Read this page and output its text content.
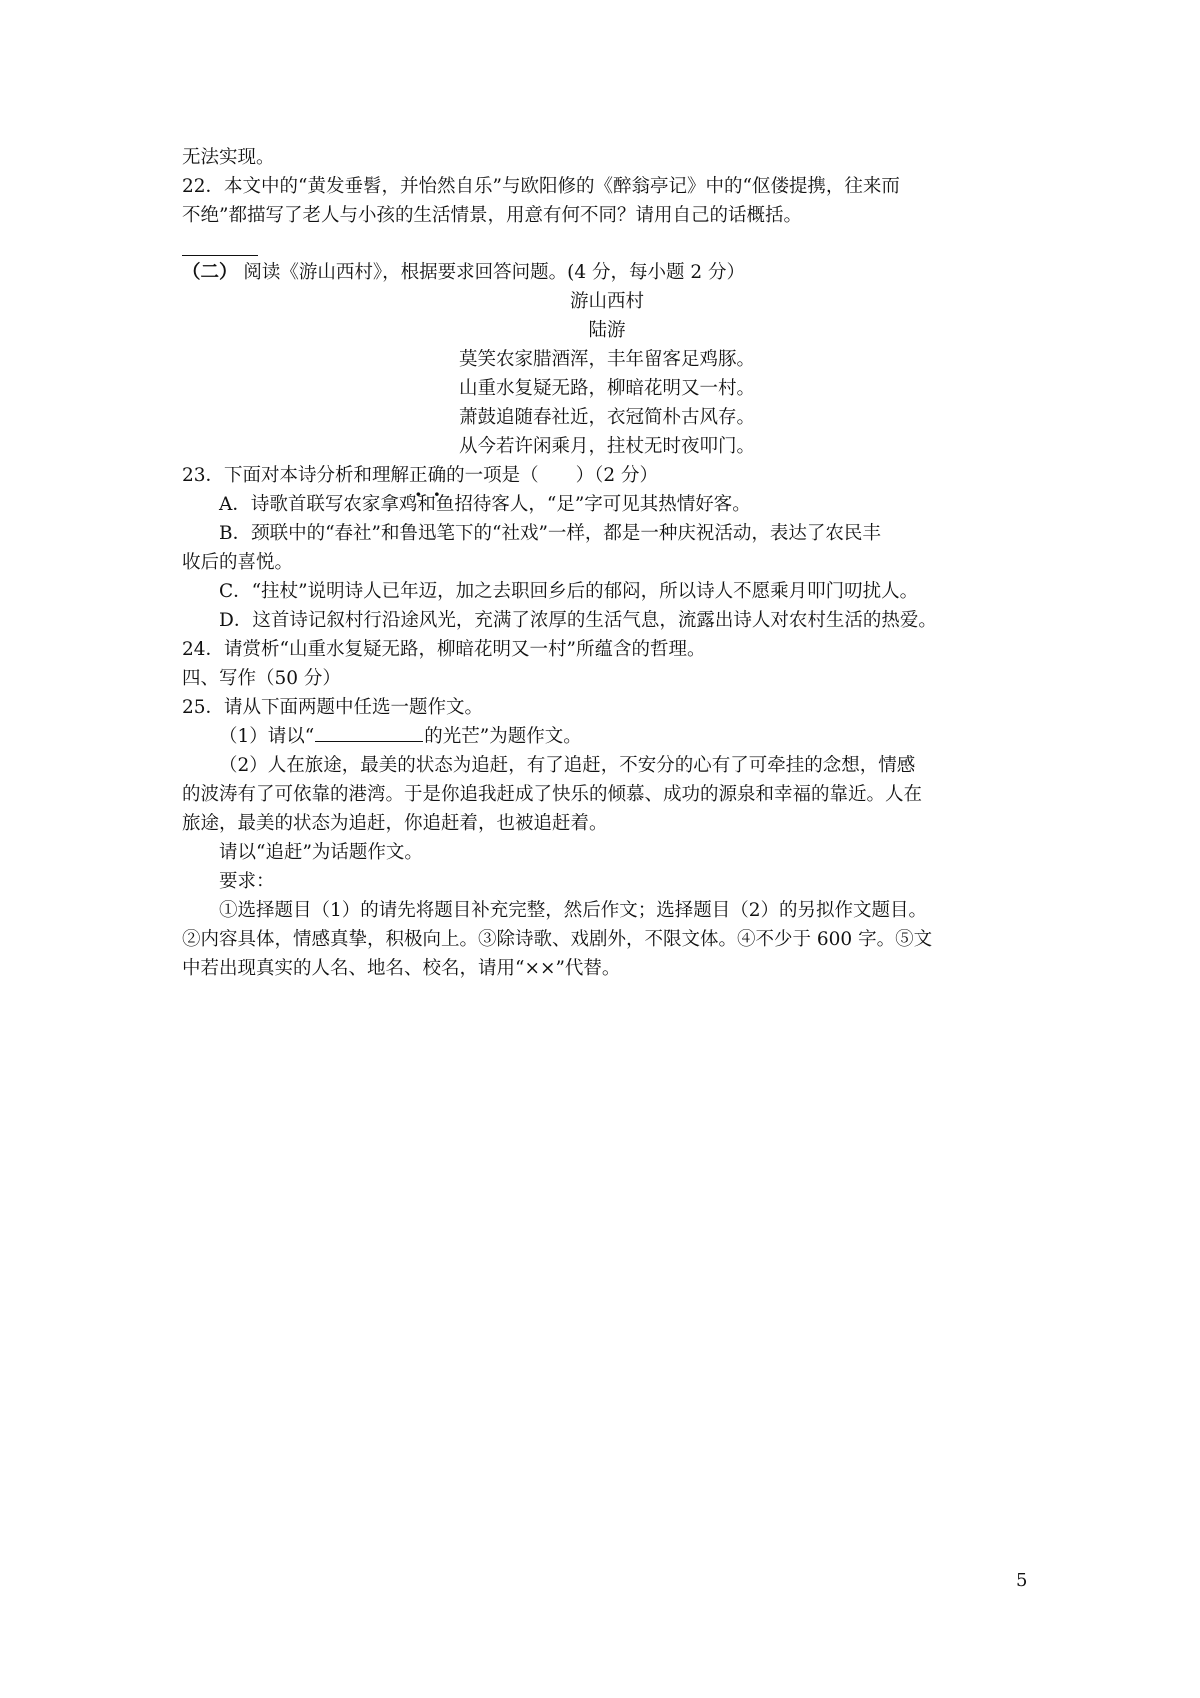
无法实现。
22．本文中的“黄发垂髫，并怡然自乐”与欧阳修的《醉翁亭记》中的“伛偻提携，往来而
不绝”都描写了老人与小孩的生活情景，用意有何不同？请用自己的话概括。
（二） 阅读《游山西村》，根据要求回答问题。(4 分，每小题 2 分）
游山西村
陆游
莫笑农家腊酒浑，丰年留客足鸡豚。
山重水复疑无路，柳暗花明又一村。
萧鼓追随春社近，衣冠简朴古风存。
从今若许闲乘月，拄杖无时夜叩门。
23．下面对本诗分析和理解正确的一项是（　　）（2 分）
A．诗歌首联写农家拿鸡和鱼招待客人，“足”字可见其热情好客。
B．颈联中的“春社”和鲁迅笔下的“社戏”一样，都是一种庆祝活动，表达了农民丰
收后的喜悦。
C．“拄杖”说明诗人已年迈，加之去职回乡后的郁闷，所以诗人不愿乘月叩门叨扰人。
D．这首诗记叙村行沿途风光，充满了浓厚的生活气息，流露出诗人对农村生活的热爱。
24．请赏析“山重水复疑无路，柳暗花明又一村”所蕴含的哲理。
四、写作（50 分）
25．请从下面两题中任选一题作文。
（1）请以“	的光芒”为题作文。
（2）人在旅途，最美的状态为追赶，有了追赶，不安分的心有了可牵挂的念想，情感
的波涛有了可依靠的港湾。于是你追我赶成了快乐的倾慕、成功的源泉和幸福的靠近。人在
旅途，最美的状态为追赶，你追赶着，也被追赶着。
请以“追赶”为话题作文。
要求：
①选择题目（1）的请先将题目补充完整，然后作文；选择题目（2）的另拟作文题目。
②内容具体，情感真挚，积极向上。③除诗歌、戏剧外，不限文体。④不少于 600 字。⑤文
中若出现真实的人名、地名、校名，请用“××”代替。
5
